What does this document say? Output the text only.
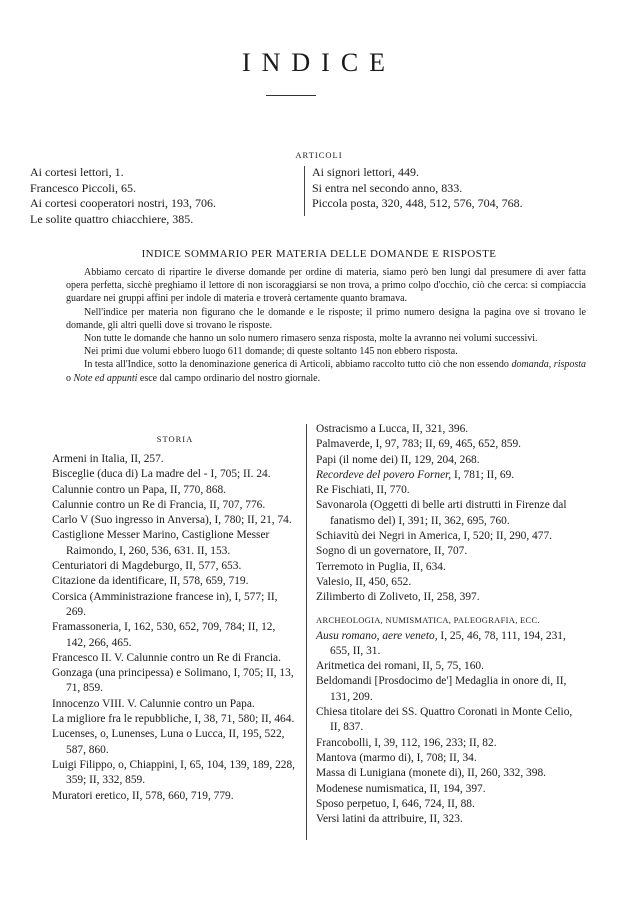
INDICE
ARTICOLI
Ai cortesi lettori, 1.
Francesco Piccoli, 65.
Ai cortesi cooperatori nostri, 193, 706.
Le solite quattro chiacchiere, 385.
Ai signori lettori, 449.
Si entra nel secondo anno, 833.
Piccola posta, 320, 448, 512, 576, 704, 768.
INDICE SOMMARIO PER MATERIA DELLE DOMANDE E RISPOSTE
Abbiamo cercato di ripartire le diverse domande per ordine di materia, siamo però ben lungi dal presumere di aver fatta opera perfetta, sicchè preghiamo il lettore di non iscoraggiarsi se non trova, a primo colpo d'occhio, ciò che cerca: si compiaccia guardare nei gruppi affini per indole di materia e troverà certamente quanto bramava.
Nell'indice per materia non figurano che le domande e le risposte; il primo numero designa la pagina ove si trovano le domande, gli altri quelli dove si trovano le risposte.
Non tutte le domande che hanno un solo numero rimasero senza risposta, molte la avranno nei volumi successivi.
Nei primi due volumi ebbero luogo 611 domande; di queste soltanto 145 non ebbero risposta.
In testa all'Indice, sotto la denominazione generica di Articoli, abbiamo raccolto tutto ciò che non essendo domanda, risposta o Note ed appunti esce dal campo ordinario del nostro giornale.
STORIA
Armeni in Italia, II, 257.
Bisceglie (duca di) La madre del - I, 705; II. 24.
Calunnie contro un Papa, II, 770, 868.
Calunnie contro un Re di Francia, II, 707, 776.
Carlo V (Suo ingresso in Anversa), I, 780; II, 21, 74.
Castiglione Messer Marino, Castiglione Messer Raimondo, I, 260, 536, 631. II, 153.
Centuriatori di Magdeburgo, II, 577, 653.
Citazione da identificare, II, 578, 659, 719.
Corsica (Amministrazione francese in), I, 577; II, 269.
Framassoneria, I, 162, 530, 652, 709, 784; II, 12, 142, 266, 465.
Francesco II. V. Calunnie contro un Re di Francia.
Gonzaga (una principessa) e Solimano, I, 705; II, 13, 71, 859.
Innocenzo VIII. V. Calunnie contro un Papa.
La migliore fra le repubbliche, I, 38, 71, 580; II, 464.
Lucenses, o, Lunenses, Luna o Lucca, II, 195, 522, 587, 860.
Luigi Filippo, o, Chiappini, I, 65, 104, 139, 189, 228, 359; II, 332, 859.
Muratori eretico, II, 578, 660, 719, 779.
Ostracismo a Lucca, II, 321, 396.
Palmaverde, I, 97, 783; II, 69, 465, 652, 859.
Papi (il nome dei) II, 129, 204, 268.
Recordeve del povero Forner, I, 781; II, 69.
Re Fischiati, II, 770.
Savonarola (Oggetti di belle arti distrutti in Firenze dal fanatismo del) I, 391; II, 362, 695, 760.
Schiavitù dei Negri in America, I, 520; II, 290, 477.
Sogno di un governatore, II, 707.
Terremoto in Puglia, II, 634.
Valesio, II, 450, 652.
Zilimberto di Zoliveto, II, 258, 397.
ARCHEOLOGIA, NUMISMATICA, PALEOGRAFIA, ECC.
Ausu romano, aere veneto, I, 25, 46, 78, 111, 194, 231, 655, II, 31.
Aritmetica dei romani, II, 5, 75, 160.
Beldomandi [Prosdocimo de'] Medaglia in onore di, II, 131, 209.
Chiesa titolare dei SS. Quattro Coronati in Monte Celio, II, 837.
Francobolli, I, 39, 112, 196, 233; II, 82.
Mantova (marmo di), I, 708; II, 34.
Massa di Lunigiana (monete di), II, 260, 332, 398.
Modenese numismatica, II, 194, 397.
Sposo perpetuo, I, 646, 724, II, 88.
Versi latini da attribuire, II, 323.
